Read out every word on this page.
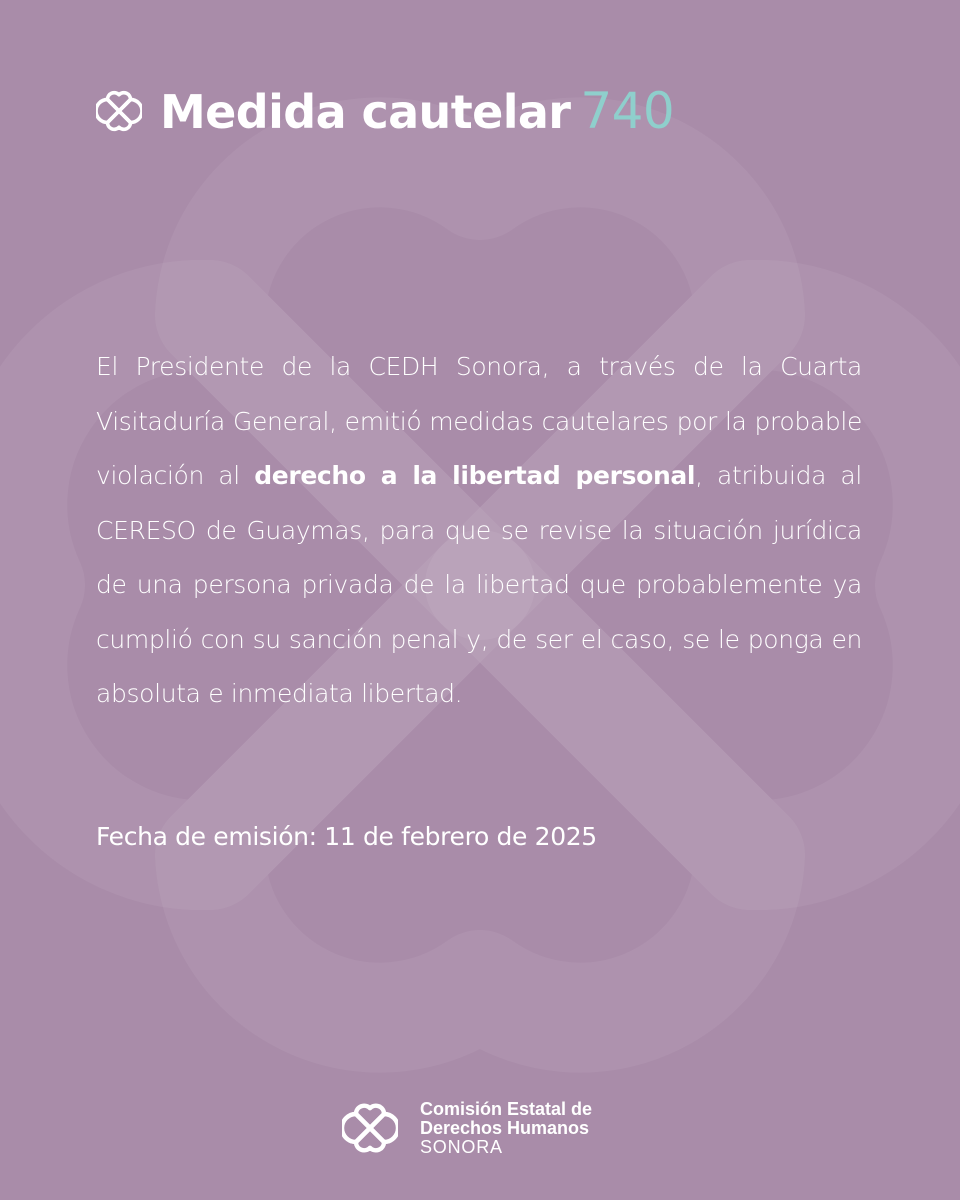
Medida cautelar 740
El Presidente de la CEDH Sonora, a través de la Cuarta Visitaduría General, emitió medidas cautelares por la probable violación al derecho a la libertad personal, atribuida al CERESO de Guaymas, para que se revise la situación jurídica de una persona privada de la libertad que probablemente ya cumplió con su sanción penal y, de ser el caso, se le ponga en absoluta e inmediata libertad.
Fecha de emisión: 11 de febrero de 2025
Comisión Estatal de
Derechos Humanos
SONORA
